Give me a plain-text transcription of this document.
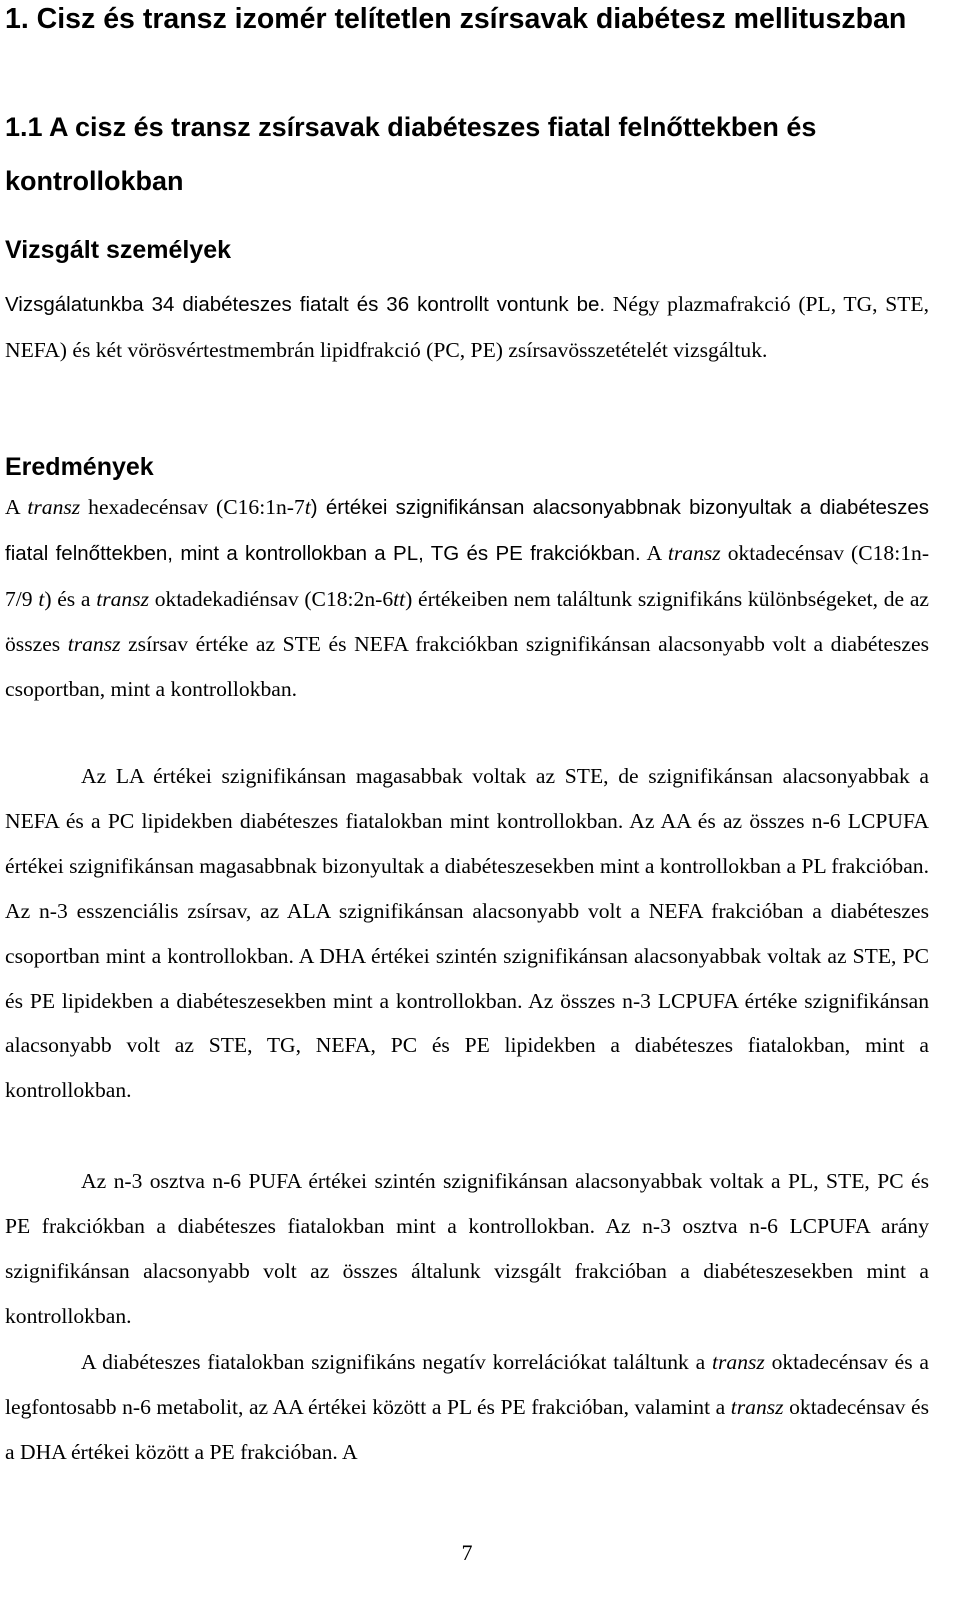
1. Cisz és transz izomér telítetlen zsírsavak diabétesz mellituszban
1.1 A cisz és transz zsírsavak diabéteszes fiatal felnőttekben és kontrollokban
Vizsgált személyek

Vizsgálatunkba 34 diabéteszes fiatalt és 36 kontrollt vontunk be. Négy plazmafrakció (PL, TG, STE, NEFA) és két vörösvértestmembrán lipidfrakció (PC, PE) zsírsavösszetételét vizsgáltuk.

Eredmények

A transz hexadecénsav (C16:1n-7t) értékei szignifikánsan alacsonyabbnak bizonyultak a diabéteszes fiatal felnőttekben, mint a kontrollokban a PL, TG és PE frakciókban. A transz oktadecénsav (C18:1n-7/9 t) és a transz oktadekadiénsav (C18:2n-6tt) értékeiben nem találtunk szignifikáns különbségeket, de az összes transz zsírsav értéke az STE és NEFA frakciókban szignifikánsan alacsonyabb volt a diabéteszes csoportban, mint a kontrollokban.

Az LA értékei szignifikánsan magasabbak voltak az STE, de szignifikánsan alacsonyabbak a NEFA és a PC lipidekben diabéteszes fiatalokban mint kontrollokban. Az AA és az összes n-6 LCPUFA értékei szignifikánsan magasabbnak bizonyultak a diabéteszesekben mint a kontrollokban a PL frakcióban. Az n-3 esszenciális zsírsav, az ALA szignifikánsan alacsonyabb volt a NEFA frakcióban a diabéteszes csoportban mint a kontrollokban. A DHA értékei szintén szignifikánsan alacsonyabbak voltak az STE, PC és PE lipidekben a diabéteszesekben mint a kontrollokban. Az összes n-3 LCPUFA értéke szignifikánsan alacsonyabb volt az STE, TG, NEFA, PC és PE lipidekben a diabéteszes fiatalokban, mint a kontrollokban.

Az n-3 osztva n-6 PUFA értékei szintén szignifikánsan alacsonyabbak voltak a PL, STE, PC és PE frakciókban a diabéteszes fiatalokban mint a kontrollokban. Az n-3 osztva n-6 LCPUFA arány szignifikánsan alacsonyabb volt az összes általunk vizsgált frakcióban a diabéteszesekben mint a kontrollokban.

A diabéteszes fiatalokban szignifikáns negatív korrelációkat találtunk a transz oktadecénsav és a legfontosabb n-6 metabolit, az AA értékei között a PL és PE frakcióban, valamint a transz oktadecénsav és a DHA értékei között a PE frakcióban. A

7
